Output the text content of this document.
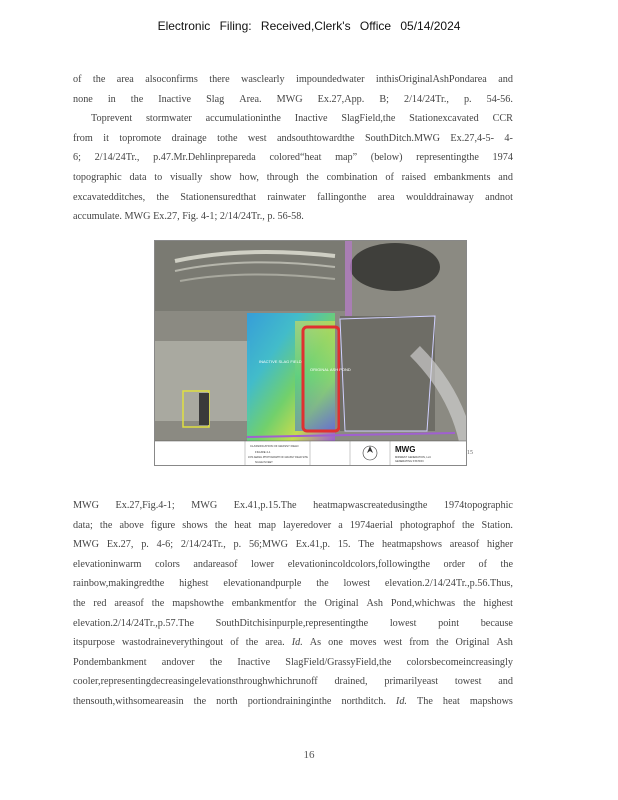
Electronic Filing: Received,Clerk's Office 05/14/2024
of the area alsoconfirms there wasclearly impoundedwater inthisOriginalAshPondarea and
none in the Inactive Slag Area. MWG Ex.27,App. B; 2/14/24Tr., p. 54-56.
Toprevent stormwater accumulationinthe Inactive SlagField,the Stationexcavated CCR
from it topromote drainage tothe west andsouthtowardthe SouthDitch.MWG Ex.27,4-5- 4-
6; 2/14/24Tr., p.47.Mr.Dehlinprepareda colored“heat map” (below) representingthe 1974
topographic data to visually show how, through the combination of raised embankments and
excavatedditches, the Stationensuredthat rainwater fallingonthe area woulddrainaway andnot
accumulate. MWG Ex.27, Fig. 4-1; 2/14/24Tr., p. 56-58.
MWG Ex.27,Fig.4-1; MWG Ex.41,p.15.The heatmapwascreatedusingthe 1974topographic
data; the above figure shows the heat map layeredover a 1974aerial photographof the Station.
MWG Ex.27, p. 4-6; 2/14/24Tr., p. 56;MWG Ex.41,p. 15. The heatmapshows areasof higher
elevationinwarm colors andareasof lower elevationincoldcolors,followingthe order of the
rainbow,makingredthe highest elevationandpurple the lowest elevation.2/14/24Tr.,p.56.Thus,
the red areasof the mapshowthe embankmentfor the Original Ash Pond,whichwas the highest
elevation.2/14/24Tr.,p.57.The SouthDitchisinpurple,representingthe lowest point because
itspurpose wastodraineverythingout of the area. Id. As one moves west from the Original Ash
Pondembankment andover the Inactive SlagField/GrassyField,the colorsbecomeincreasingly
cooler,representingdecreasingelevationsthroughwhichrunoff drained, primarilyeast towest and
thensouth,withsomeareasin the north portiondraininginthe northditch. Id. The heat mapshows
INACTIVE SLAG FIELD
ORIGINAL ASH POND
CLASSIFICATION OF GRASSY FIELD
FIGURE 4-1
1974 AERIAL PHOTOGRAPH OF GRASSY FIELD SITE
SCALE IN FEET
MWG
MIDWEST GENERATION, LLC
GENERATING STATION
15
16
